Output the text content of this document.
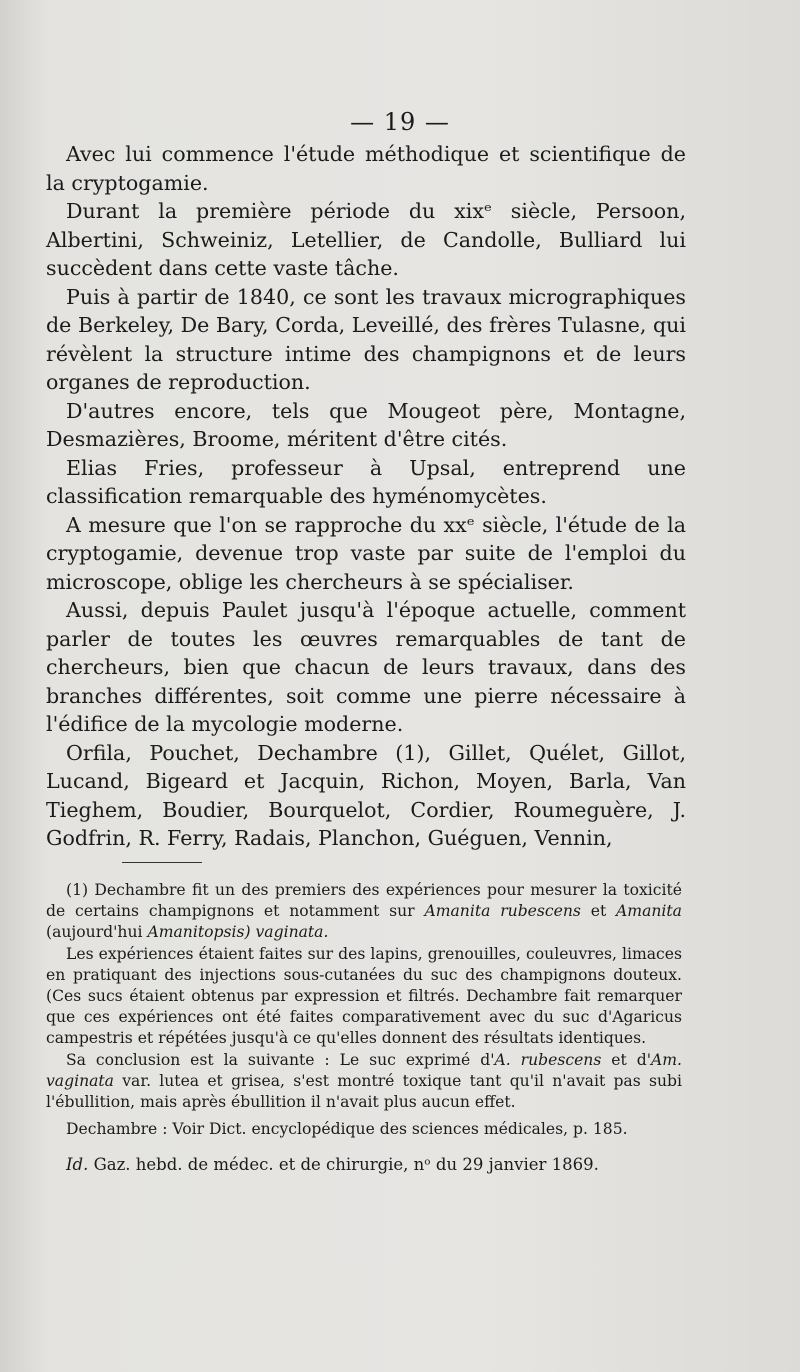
— 19 —

Avec lui commence l'étude méthodique et scientifique de la cryptogamie.

Durant la première période du xixᵉ siècle, Persoon, Albertini, Schweiniz, Letellier, de Candolle, Bulliard lui succèdent dans cette vaste tâche.

Puis à partir de 1840, ce sont les travaux micrographiques de Berkeley, De Bary, Corda, Leveillé, des frères Tulasne, qui révèlent la structure intime des champignons et de leurs organes de reproduction.

D'autres encore, tels que Mougeot père, Montagne, Desmazières, Broome, méritent d'être cités.

Elias Fries, professeur à Upsal, entreprend une classification remarquable des hyménomycètes.

A mesure que l'on se rapproche du xxᵉ siècle, l'étude de la cryptogamie, devenue trop vaste par suite de l'emploi du microscope, oblige les chercheurs à se spécialiser.

Aussi, depuis Paulet jusqu'à l'époque actuelle, comment parler de toutes les œuvres remarquables de tant de chercheurs, bien que chacun de leurs travaux, dans des branches différentes, soit comme une pierre nécessaire à l'édifice de la mycologie moderne.

Orfila, Pouchet, Dechambre (1), Gillet, Quélet, Gillot, Lucand, Bigeard et Jacquin, Richon, Moyen, Barla, Van Tieghem, Boudier, Bourquelot, Cordier, Roumeguère, J. Godfrin, R. Ferry, Radais, Planchon, Guéguen, Vennin,

(1) Dechambre fit un des premiers des expériences pour mesurer la toxicité de certains champignons et notamment sur Amanita rubescens et Amanita (aujourd'hui Amanitopsis) vaginata.

Les expériences étaient faites sur des lapins, grenouilles, couleuvres, limaces en pratiquant des injections sous-cutanées du suc des champignons douteux. (Ces sucs étaient obtenus par expression et filtrés. Dechambre fait remarquer que ces expériences ont été faites comparativement avec du suc d'Agaricus campestris et répétées jusqu'à ce qu'elles donnent des résultats identiques.

Sa conclusion est la suivante : Le suc exprimé d'A. rubescens et d'Am. vaginata var. lutea et grisea, s'est montré toxique tant qu'il n'avait pas subi l'ébullition, mais après ébullition il n'avait plus aucun effet.

Dechambre : Voir Dict. encyclopédique des sciences médicales, p. 185.

Id. Gaz. hebd. de médec. et de chirurgie, nᵒ du 29 janvier 1869.
